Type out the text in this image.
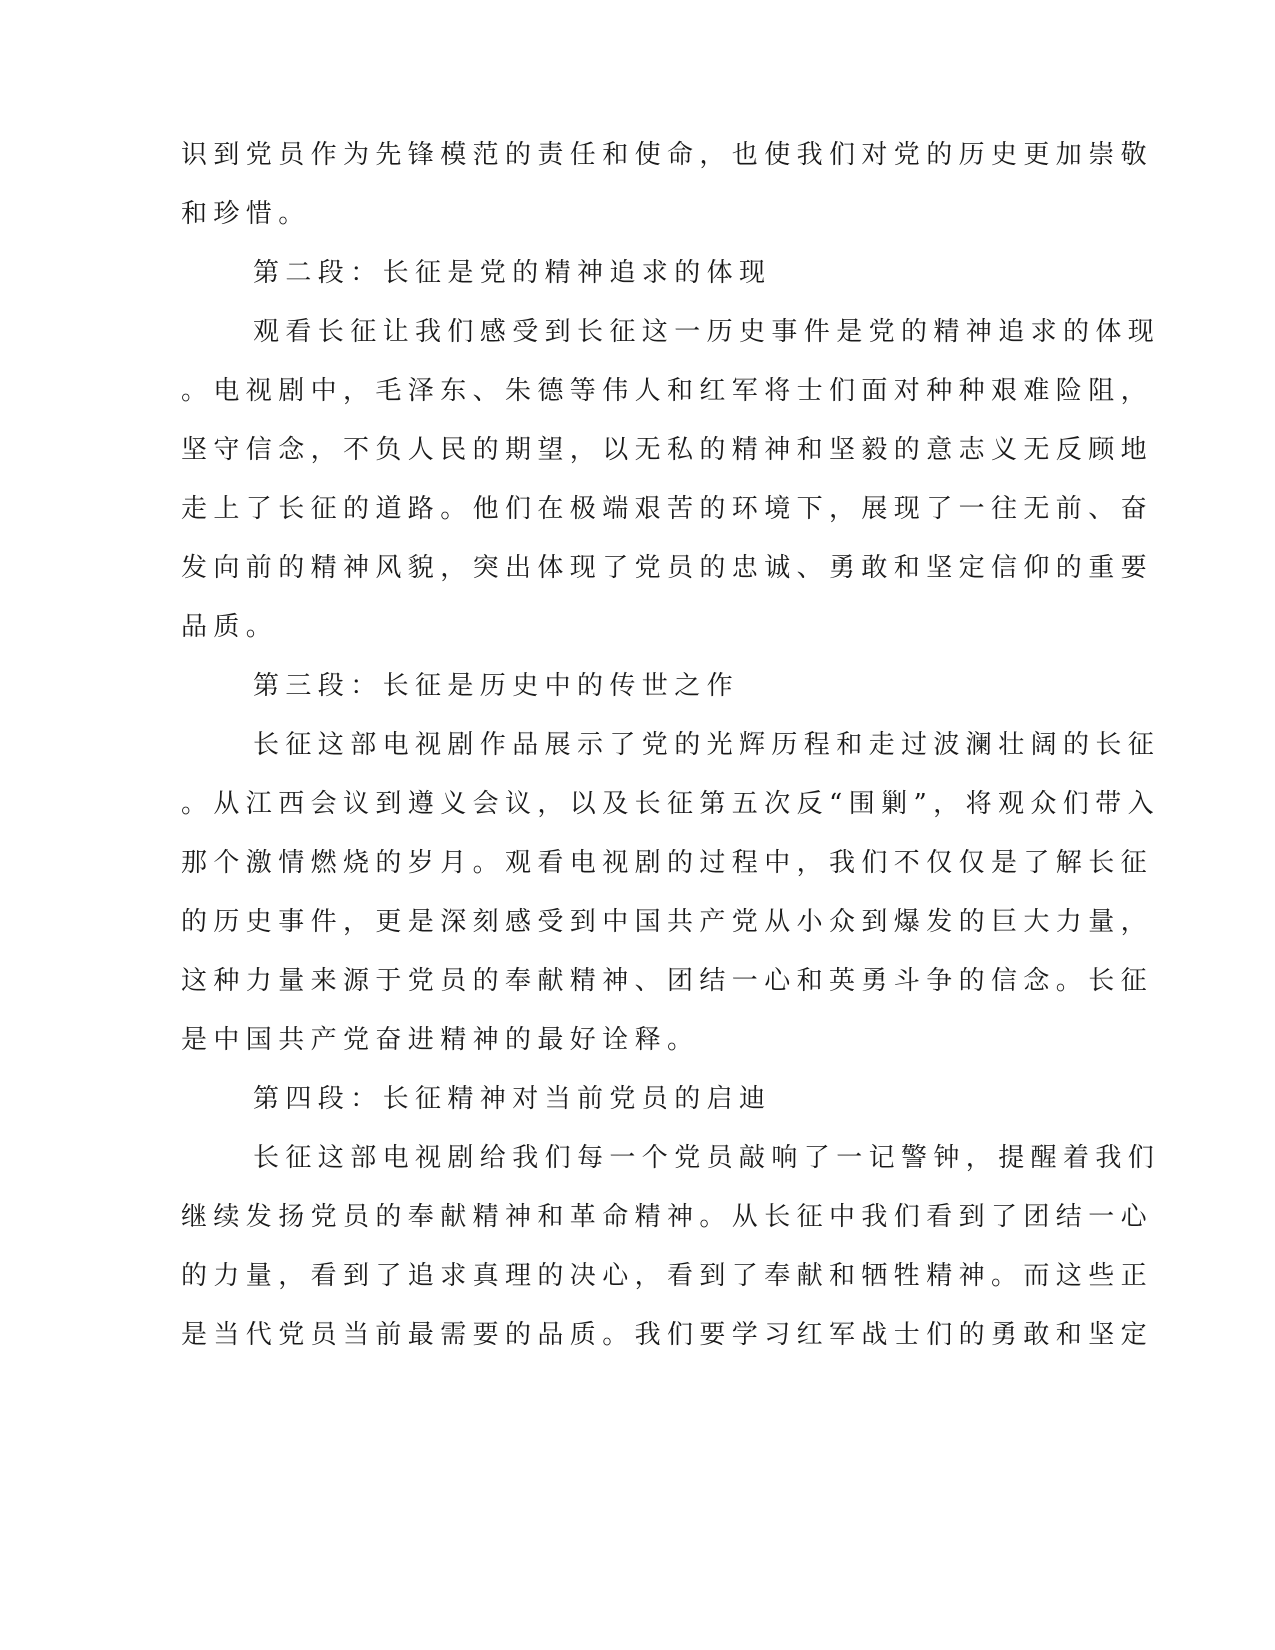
识到党员作为先锋模范的责任和使命，也使我们对党的历史更加崇敬
和珍惜。
第二段：长征是党的精神追求的体现
观看长征让我们感受到长征这一历史事件是党的精神追求的体现
。电视剧中，毛泽东、朱德等伟人和红军将士们面对种种艰难险阻，
坚守信念，不负人民的期望，以无私的精神和坚毅的意志义无反顾地
走上了长征的道路。他们在极端艰苦的环境下，展现了一往无前、奋
发向前的精神风貌，突出体现了党员的忠诚、勇敢和坚定信仰的重要
品质。
第三段：长征是历史中的传世之作
长征这部电视剧作品展示了党的光辉历程和走过波澜壮阔的长征
。从江西会议到遵义会议，以及长征第五次反“围剿”，将观众们带入
那个激情燃烧的岁月。观看电视剧的过程中，我们不仅仅是了解长征
的历史事件，更是深刻感受到中国共产党从小众到爆发的巨大力量，
这种力量来源于党员的奉献精神、团结一心和英勇斗争的信念。长征
是中国共产党奋进精神的最好诠释。
第四段：长征精神对当前党员的启迪
长征这部电视剧给我们每一个党员敲响了一记警钟，提醒着我们
继续发扬党员的奉献精神和革命精神。从长征中我们看到了团结一心
的力量，看到了追求真理的决心，看到了奉献和牺牲精神。而这些正
是当代党员当前最需要的品质。我们要学习红军战士们的勇敢和坚定
